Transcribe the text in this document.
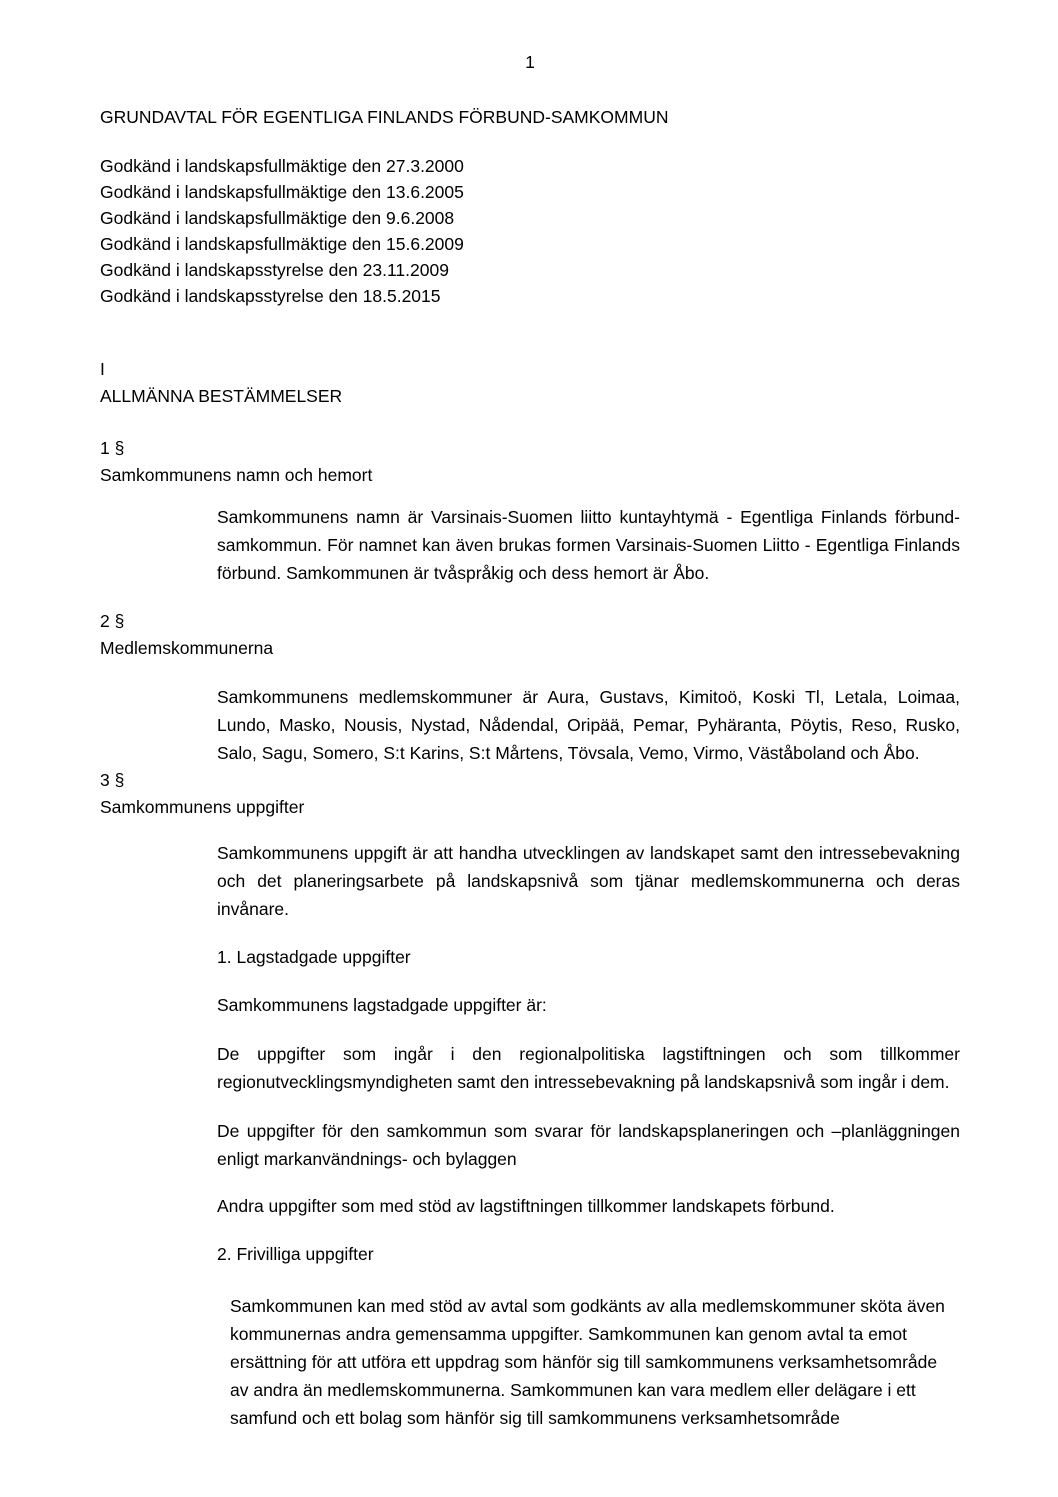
1
GRUNDAVTAL FÖR EGENTLIGA FINLANDS FÖRBUND-SAMKOMMUN
Godkänd i landskapsfullmäktige den 27.3.2000
Godkänd i landskapsfullmäktige den 13.6.2005
Godkänd i landskapsfullmäktige den 9.6.2008
Godkänd i landskapsfullmäktige den 15.6.2009
Godkänd i landskapsstyrelse den 23.11.2009
Godkänd i landskapsstyrelse den 18.5.2015
I
ALLMÄNNA BESTÄMMELSER
1 §
Samkommunens namn och hemort

Samkommunens namn är Varsinais-Suomen liitto kuntayhtymä - Egentliga Finlands förbund-samkommun. För namnet kan även brukas formen Varsinais-Suomen Liitto - Egentliga Finlands förbund. Samkommunen är tvåspråkig och dess hemort är Åbo.

2 §
Medlemskommunerna

Samkommunens medlemskommuner är Aura, Gustavs, Kimitoö, Koski Tl, Letala, Loimaa, Lundo, Masko, Nousis, Nystad, Nådendal, Oripää, Pemar, Pyhäranta, Pöytis, Reso, Rusko, Salo, Sagu, Somero, S:t Karins, S:t Mårtens, Tövsala, Vemo, Virmo, Väståboland och Åbo.

3 §
Samkommunens uppgifter

Samkommunens uppgift är att handha utvecklingen av landskapet samt den intressebevakning och det planeringsarbete på landskapsnivå som tjänar medlemskommunerna och deras invånare.

1. Lagstadgade uppgifter

Samkommunens lagstadgade uppgifter är:

De uppgifter som ingår i den regionalpolitiska lagstiftningen och som tillkommer regionutvecklingsmyndigheten samt den intressebevakning på landskapsnivå som ingår i dem.

De uppgifter för den samkommun som svarar för landskapsplaneringen och –planläggningen enligt markanvändnings- och bylaggen

Andra uppgifter som med stöd av lagstiftningen tillkommer landskapets förbund.

2. Frivilliga uppgifter

Samkommunen kan med stöd av avtal som godkänts av alla medlemskommuner sköta även kommunernas andra gemensamma uppgifter. Samkommunen kan genom avtal ta emot ersättning för att utföra ett uppdrag som hänför sig till samkommunens verksamhetsområde av andra än medlemskommunerna. Samkommunen kan vara medlem eller delägare i ett samfund och ett bolag som hänför sig till samkommunens verksamhetsområde
